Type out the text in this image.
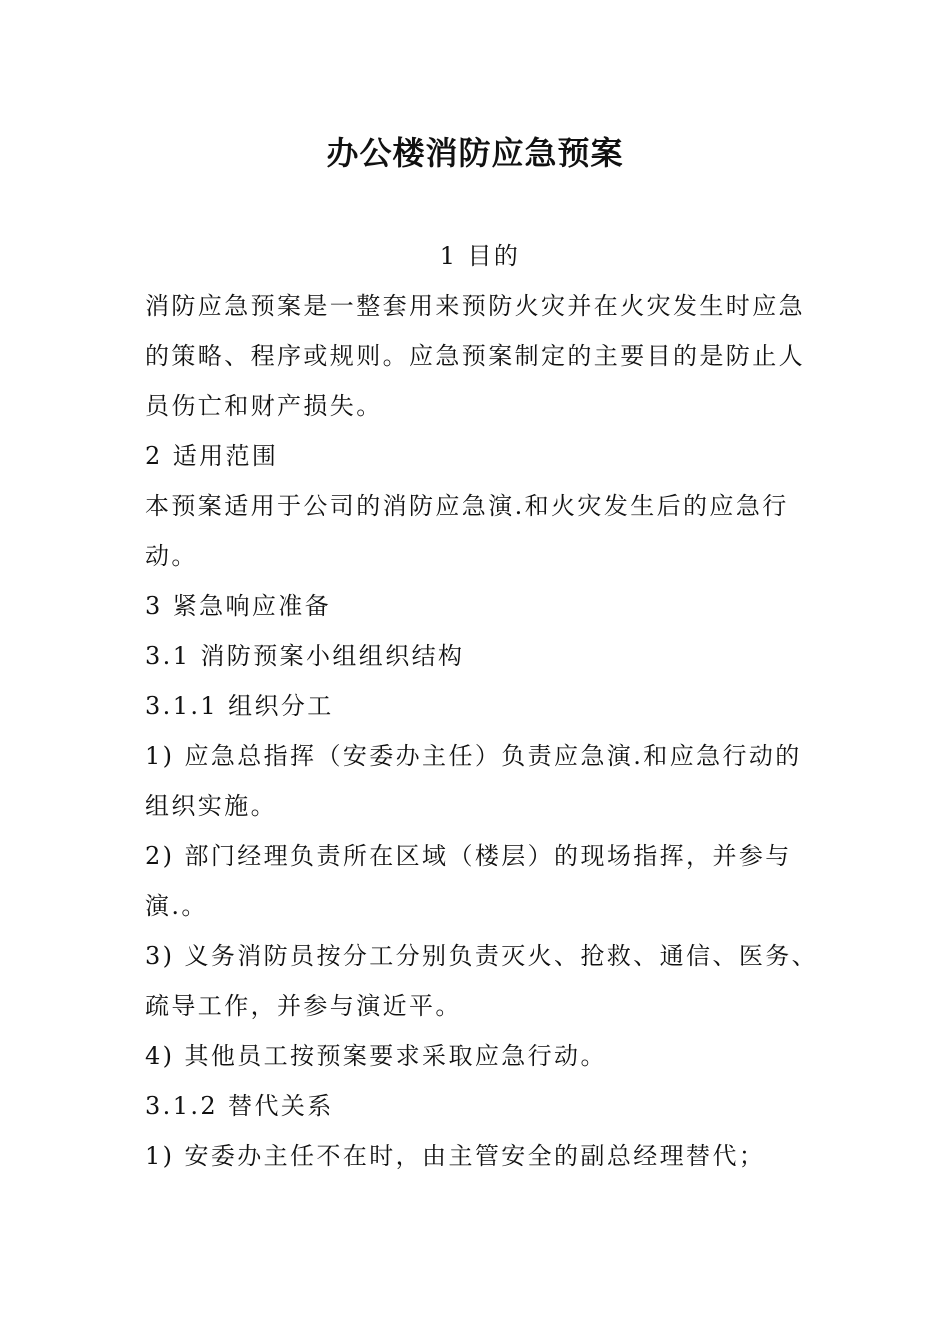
办公楼消防应急预案

1 目的

消防应急预案是一整套用来预防火灾并在火灾发生时应急

的策略、程序或规则。应急预案制定的主要目的是防止人

员伤亡和财产损失。

2 适用范围

本预案适用于公司的消防应急演.和火灾发生后的应急行

动。

3 紧急响应准备

3.1 消防预案小组组织结构

3.1.1 组织分工

1) 应急总指挥（安委办主任）负责应急演.和应急行动的

组织实施。

2) 部门经理负责所在区域（楼层）的现场指挥，并参与

演.。

3) 义务消防员按分工分别负责灭火、抢救、通信、医务、

疏导工作，并参与演近平。

4) 其他员工按预案要求采取应急行动。

3.1.2 替代关系

1) 安委办主任不在时，由主管安全的副总经理替代；
